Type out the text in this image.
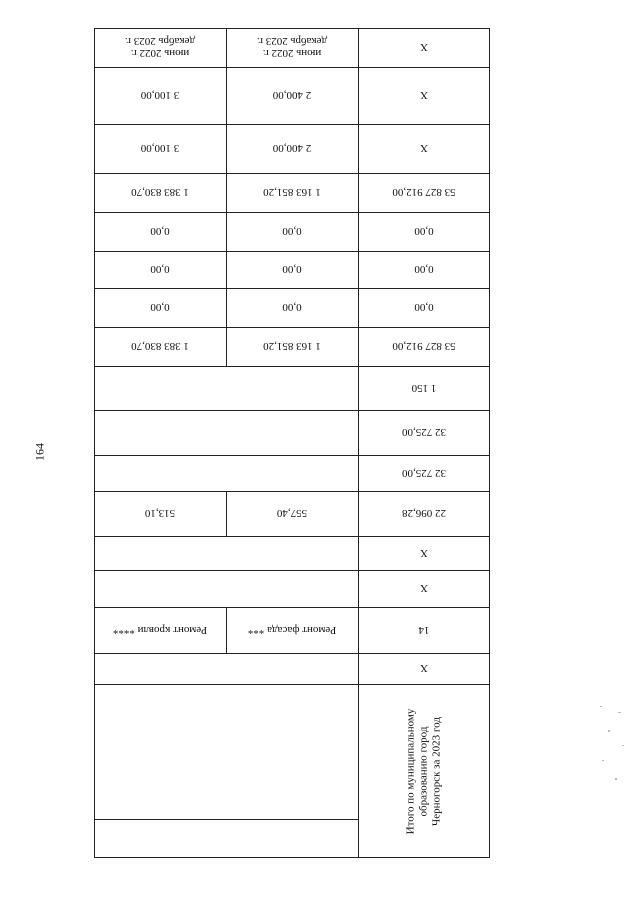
164
Х
июнь 2022 г.
декабрь 2023 г.
июнь 2022 г.
декабрь 2023 г.
Х
2 400,00
3 100,00
Х
2 400,00
3 100,00
53 827 912,00
1 163 851,20
1 383 830,70
0,00
0,00
0,00
0,00
0,00
0,00
0,00
0,00
0,00
53 827 912,00
1 163 851,20
1 383 830,70
1 150
32 725,00
32 725,00
22 096,28
557,40
513,10
Х
Х
14
Ремонт фасада ***
Ремонт кровли ****
Х
Итого по муниципальному
образованию город
Черногорск за 2023 год
